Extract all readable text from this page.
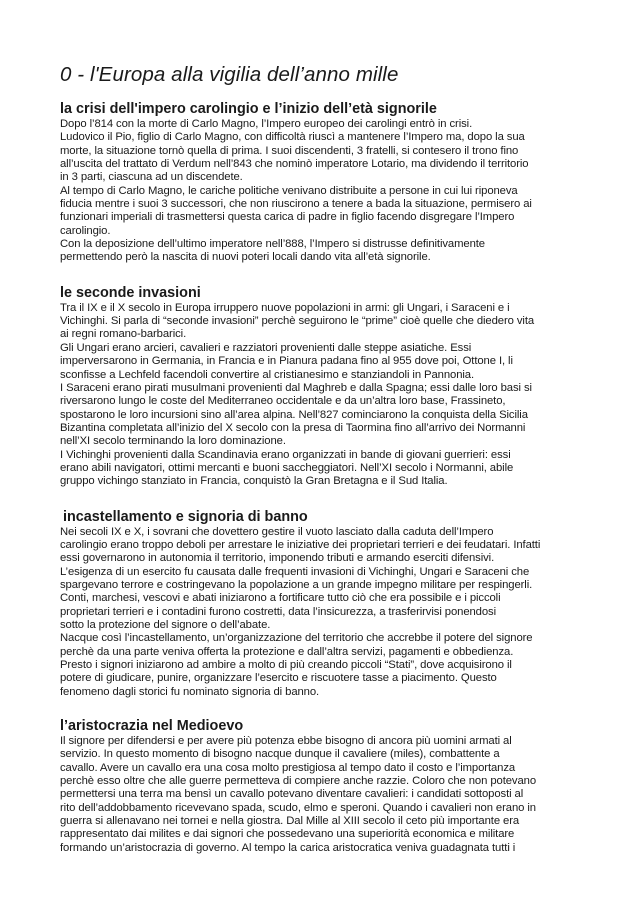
0 - l'Europa alla vigilia dell’anno mille
la crisi dell'impero carolingio e l’inizio dell’età signorile
Dopo l’814 con la morte di Carlo Magno, l’Impero europeo dei carolingi entrò in crisi.
Ludovico il Pio, figlio di Carlo Magno, con difficoltà riuscì a mantenere l’Impero ma, dopo la sua
morte, la situazione tornò quella di prima. I suoi discendenti, 3 fratelli, si contesero il trono fino
all’uscita del trattato di Verdum nell’843 che nominò imperatore Lotario, ma dividendo il territorio
in 3 parti, ciascuna ad un discendete.
Al tempo di Carlo Magno, le cariche politiche venivano distribuite a persone in cui lui riponeva
fiducia mentre i suoi 3 successori, che non riuscirono a tenere a bada la situazione, permisero ai
funzionari imperiali di trasmettersi questa carica di padre in figlio facendo disgregare l’Impero
carolingio.
Con la deposizione dell’ultimo imperatore nell’888, l’Impero si distrusse definitivamente
permettendo però la nascita di nuovi poteri locali dando vita all’età signorile.
le seconde invasioni
Tra il IX e il X secolo in Europa irruppero nuove popolazioni in armi: gli Ungari, i Saraceni e i
Vichinghi. Si parla di “seconde invasioni” perchè seguirono le “prime” cioè quelle che diedero vita
ai regni romano-barbarici.
Gli Ungari erano arcieri, cavalieri e razziatori provenienti dalle steppe asiatiche. Essi
imperversarono in Germania, in Francia e in Pianura padana fino al 955 dove poi, Ottone I, li
sconfisse a Lechfeld facendoli convertire al cristianesimo e stanziandoli in Pannonia.
I Saraceni erano pirati musulmani provenienti dal Maghreb e dalla Spagna; essi dalle loro basi si
riversarono lungo le coste del Mediterraneo occidentale e da un’altra loro base, Frassineto,
spostarono le loro incursioni sino all’area alpina. Nell’827 cominciarono la conquista della Sicilia
Bizantina completata all’inizio del X secolo con la presa di Taormina fino all’arrivo dei Normanni
nell’XI secolo terminando la loro dominazione.
I Vichinghi provenienti dalla Scandinavia erano organizzati in bande di giovani guerrieri: essi
erano abili navigatori, ottimi mercanti e buoni saccheggiatori. Nell’XI secolo i Normanni, abile
gruppo vichingo stanziato in Francia, conquistò la Gran Bretagna e il Sud Italia.
incastellamento e signoria di banno
Nei secoli IX e X, i sovrani che dovettero gestire il vuoto lasciato dalla caduta dell’Impero
carolingio erano troppo deboli per arrestare le iniziative dei proprietari terrieri e dei feudatari. Infatti
essi governarono in autonomia il territorio, imponendo tributi e armando eserciti difensivi.
L’esigenza di un esercito fu causata dalle frequenti invasioni di Vichinghi, Ungari e Saraceni che
spargevano terrore e costringevano la popolazione a un grande impegno militare per respingerli.
Conti, marchesi, vescovi e abati iniziarono a fortificare tutto ciò che era possibile e i piccoli
proprietari terrieri e i contadini furono costretti, data l’insicurezza, a trasferirvisi ponendosi
sotto la protezione del signore o dell’abate.
Nacque così l’incastellamento, un’organizzazione del territorio che accrebbe il potere del signore
perchè da una parte veniva offerta la protezione e dall’altra servizi, pagamenti e obbedienza.
Presto i signori iniziarono ad ambire a molto di più creando piccoli “Stati”, dove acquisirono il
potere di giudicare, punire, organizzare l’esercito e riscuotere tasse a piacimento. Questo
fenomeno dagli storici fu nominato signoria di banno.
l’aristocrazia nel Medioevo
Il signore per difendersi e per avere più potenza ebbe bisogno di ancora più uomini armati al
servizio. In questo momento di bisogno nacque dunque il cavaliere (miles), combattente a
cavallo. Avere un cavallo era una cosa molto prestigiosa al tempo dato il costo e l’importanza
perchè esso oltre che alle guerre permetteva di compiere anche razzie. Coloro che non potevano
permettersi una terra ma bensì un cavallo potevano diventare cavalieri: i candidati sottoposti al
rito dell’addobbamento ricevevano spada, scudo, elmo e speroni. Quando i cavalieri non erano in
guerra si allenavano nei tornei e nella giostra. Dal Mille al XIII secolo il ceto più importante era
rappresentato dai milites e dai signori che possedevano una superiorità economica e militare
formando un’aristocrazia di governo. Al tempo la carica aristocratica veniva guadagnata tutti i
